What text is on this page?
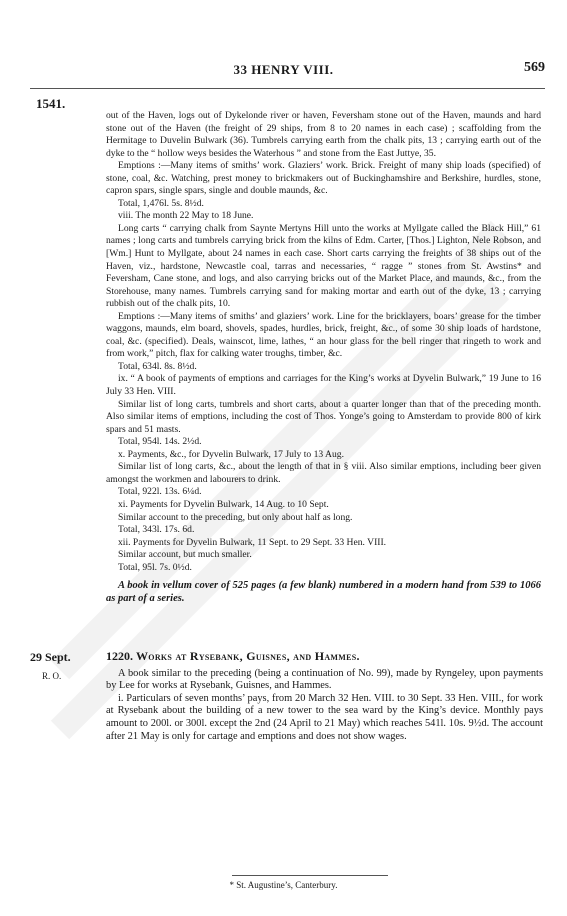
33 HENRY VIII.	569
1541.

out of the Haven, logs out of Dykelonde river or haven, Feversham stone out of the Haven, maunds and hard stone out of the Haven (the freight of 29 ships, from 8 to 20 names in each case) ; scaffolding from the Hermitage to Duvelin Bulwark (36). Tumbrels carrying earth from the chalk pits, 13 ; carrying earth out of the dyke to the “ hollow weys besides the Waterhous ” and stone from the East Juttye, 35.

Emptions :—Many items of smiths’ work. Glaziers’ work. Brick. Freight of many ship loads (specified) of stone, coal, &c. Watching, prest money to brickmakers out of Buckinghamshire and Berkshire, hurdles, stone, capron spars, single spars, single and double maunds, &c.

Total, 1,476l. 5s. 8½d.

viii. The month 22 May to 18 June.

Long carts “ carrying chalk from Saynte Mertyns Hill unto the works at Myllgate called the Black Hill,” 61 names ; long carts and tumbrels carrying brick from the kilns of Edm. Carter, [Thos.] Lighton, Nele Robson, and [Wm.] Hunt to Myllgate, about 24 names in each case. Short carts carrying the freights of 38 ships out of the Haven, viz., hardstone, Newcastle coal, tarras and necessaries, “ ragge ” stones from St. Awstins* and Feversham, Cane stone, and logs, and also carrying bricks out of the Market Place, and maunds, &c., from the Storehouse, many names. Tumbrels carrying sand for making mortar and earth out of the dyke, 13 ; carrying rubbish out of the chalk pits, 10.

Emptions :—Many items of smiths’ and glaziers’ work. Line for the bricklayers, boars’ grease for the timber waggons, maunds, elm board, shovels, spades, hurdles, brick, freight, &c., of some 30 ship loads of hardstone, coal, &c. (specified). Deals, wainscot, lime, lathes, “ an hour glass for the bell ringer that ringeth to work and from work,” pitch, flax for calking water troughs, timber, &c.

Total, 634l. 8s. 8½d.

ix. “ A book of payments of emptions and carriages for the King’s works at Dyvelin Bulwark,” 19 June to 16 July 33 Hen. VIII.

Similar list of long carts, tumbrels and short carts, about a quarter longer than that of the preceding month. Also similar items of emptions, including the cost of Thos. Yonge’s going to Amsterdam to provide 800 of kirk spars and 51 masts.

Total, 954l. 14s. 2½d.

x. Payments, &c., for Dyvelin Bulwark, 17 July to 13 Aug.

Similar list of long carts, &c., about the length of that in § viii. Also similar emptions, including beer given amongst the workmen and labourers to drink.

Total, 922l. 13s. 6¼d.

xi. Payments for Dyvelin Bulwark, 14 Aug. to 10 Sept.

Similar account to the preceding, but only about half as long.

Total, 343l. 17s. 6d.

xii. Payments for Dyvelin Bulwark, 11 Sept. to 29 Sept. 33 Hen. VIII.

Similar account, but much smaller.

Total, 95l. 7s. 0½d.

A book in vellum cover of 525 pages (a few blank) numbered in a modern hand from 539 to 1066 as part of a series.

29 Sept.
R. O.

1220. Works at Rysebank, Guisnes, and Hammes.

A book similar to the preceding (being a continuation of No. 99), made by Ryngeley, upon payments by Lee for works at Rysebank, Guisnes, and Hammes.

i. Particulars of seven months’ pays, from 20 March 32 Hen. VIII. to 30 Sept. 33 Hen. VIII., for work at Rysebank about the building of a new tower to the sea ward by the King’s device. Monthly pays amount to 200l. or 300l. except the 2nd (24 April to 21 May) which reaches 541l. 10s. 9½d. The account after 21 May is only for cartage and emptions and does not show wages.

* St. Augustine’s, Canterbury.
